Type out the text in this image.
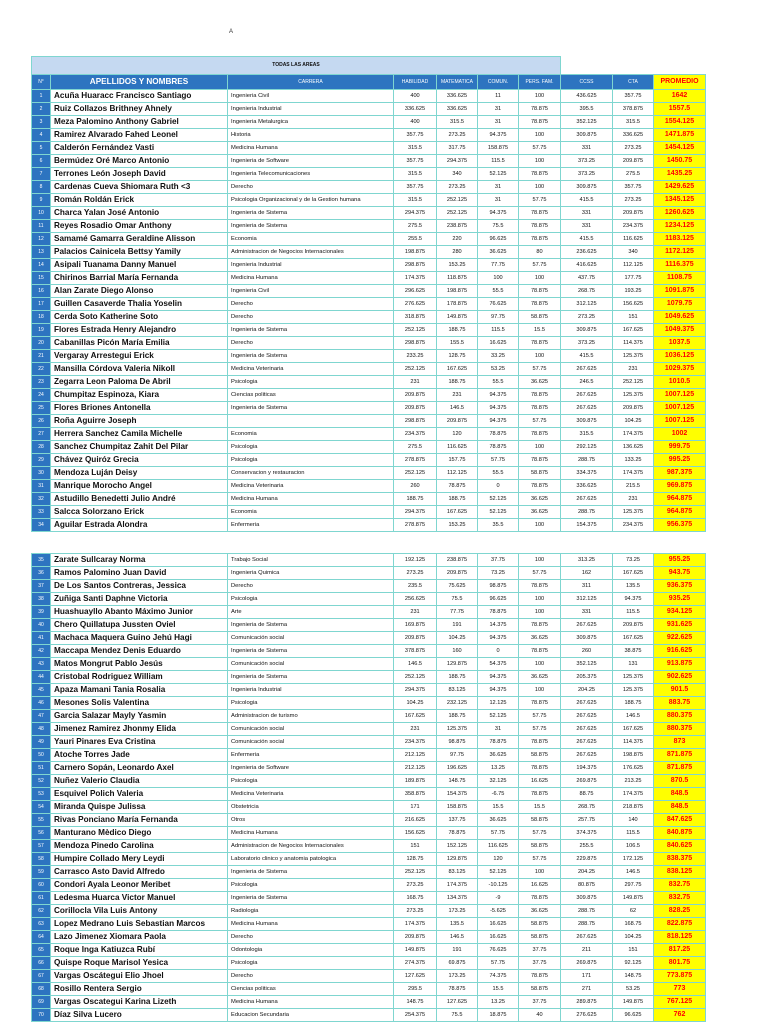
A
TODAS LAS AREAS									
N°	APELLIDOS Y NOMBRES	CARRERA	HABILIDAD	MATEMATICA	COMUN.	PERS. FAM.	CCSS	CTA	PROMEDIO
1	Acuña Huaracc Francisco Santiago	Ingenieria Civil	400	336.625	11	100	436.625	357.75	1642
2	Ruiz Collazos Brithney Ahnely	Ingenieria Industrial	336.625	336.625	31	78.875	395.5	378.875	1557.5
3	Meza Palomino Anthony Gabriel	Ingenieria Metalurgica	400	315.5	31	78.875	352.125	315.5	1554.125
4	Ramirez Alvarado Fahed Leonel	Historia	357.75	273.25	94.375	100	309.875	336.625	1471.875
5	Calderón Fernández Vasti	Medicina Humana	315.5	317.75	158.875	57.75	331	273.25	1454.125
6	Bermúdez Oré Marco Antonio	Ingenieria de Software	357.75	294.375	115.5	100	373.25	209.875	1450.75
7	Terrones León Joseph David	Ingenieria Telecomunicaciones	315.5	340	52.125	78.875	373.25	275.5	1435.25
8	Cardenas Cueva Shiomara Ruth <3	Derecho	357.75	273.25	31	100	309.875	357.75	1429.625
9	Román Roldán Erick	Psicologia Organizacional y de la Gestion humana	315.5	252.125	31	57.75	415.5	273.25	1345.125
10	Charca Yalan José Antonio	Ingenieria de Sistema	294.375	252.125	94.375	78.875	331	209.875	1260.625
11	Reyes Rosadio Omar Anthony	Ingenieria de Sistema	275.5	238.875	75.5	78.875	331	234.375	1234.125
12	Samamé Gamarra Geraldine Alisson	Economia	255.5	220	96.625	78.875	415.5	116.625	1183.125
13	Palacios Cainicela Bettsy Yamily	Administracion de Negocios Internacionales	198.875	280	36.625	80	236.625	340	1172.125
14	Asipali Tuanama Danny Manuel	Ingenieria Industrial	298.875	153.25	77.75	57.75	416.625	112.125	1116.375
15	Chirinos Barrial María Fernanda	Medicina Humana	174.375	118.875	100	100	437.75	177.75	1108.75
16	Alan Zarate Diego Alonso	Ingenieria Civil	296.625	198.875	55.5	78.875	268.75	193.25	1091.875
17	Guillen Casaverde Thalia Yoselin	Derecho	276.625	178.875	76.625	78.875	312.125	156.625	1079.75
18	Cerda Soto Katherine Soto	Derecho	318.875	149.875	97.75	58.875	273.25	151	1049.625
19	Flores Estrada Henry Alejandro	Ingenieria de Sistema	252.125	188.75	115.5	15.5	309.875	167.625	1049.375
20	Cabanillas Picón María Emilia	Derecho	298.875	155.5	16.625	78.875	373.25	114.375	1037.5
21	Vergaray Arrestegui Erick	Ingenieria de Sistema	233.25	128.75	33.25	100	415.5	125.375	1036.125
22	Mansilla Córdova Valeria Nikoll	Medicina Veterinaria	252.125	167.625	53.25	57.75	267.625	231	1029.375
23	Zegarra Leon Paloma De Abril	Psicologia	231	188.75	55.5	36.625	246.5	252.125	1010.5
24	Chumpitaz Espinoza, Kiara	Ciencias politicas	209.875	231	94.375	78.875	267.625	125.375	1007.125
25	Flores Briones Antonella	Ingenieria de Sistema	209.875	146.5	94.375	78.875	267.625	209.875	1007.125
26	Roña Aguirre Joseph		298.875	209.875	94.375	57.75	309.875	104.25	1007.125
27	Herrera Sanchez Camila Michelle	Economia	234.375	120	78.875	78.875	315.5	174.375	1002
28	Sanchez Chumpitaz Zahit Del Pilar	Psicologia	275.5	116.625	78.875	100	292.125	136.625	999.75
29	Chávez Quiróz Grecia	Psicologia	278.875	157.75	57.75	78.875	288.75	133.25	995.25
30	Mendoza Luján Deisy	Conservacion y restauracion	252.125	112.125	55.5	58.875	334.375	174.375	987.375
31	Manrique Morocho Angel	Medicina Veterinaria	260	78.875	0	78.875	336.625	215.5	969.875
32	Astudillo Benedetti Julio André	Medicina Humana	188.75	188.75	52.125	36.625	267.625	231	964.875
33	Salcca Solorzano Erick	Economia	294.375	167.625	52.125	36.625	288.75	125.375	964.875
34	Aguilar Estrada Alondra	Enfermeria	278.875	153.25	35.5	100	154.375	234.375	956.375
35	Zarate Sullcaray Norma	Trabajo Social	192.125	238.875	37.75	100	313.25	73.25	955.25
36	Ramos Palomino Juan David	Ingenieria Quimica	273.25	209.875	73.25	57.75	162	167.625	943.75
37	De Los Santos Contreras, Jessica	Derecho	235.5	75.625	98.875	78.875	311	135.5	936.375
38	Zuñiga Santi Daphne Victoria	Psicologia	256.625	75.5	96.625	100	312.125	94.375	935.25
39	Huashuayllo Abanto Máximo Junior	Arte	231	77.75	78.875	100	331	115.5	934.125
40	Chero Quillatupa Jussten Oviel	Ingenieria de Sistema	169.875	191	14.375	78.875	267.625	209.875	931.625
41	Machaca Maquera Guino Jehú Hagi	Comunicación social	209.875	104.25	94.375	36.625	309.875	167.625	922.625
42	Maccapa Mendez Denis Eduardo	Ingenieria de Sistema	378.875	160	0	78.875	260	38.875	916.625
43	Matos Mongrut Pablo Jesús	Comunicación social	146.5	129.875	54.375	100	352.125	131	913.875
44	Cristobal Rodriguez William	Ingenieria de Sistema	252.125	188.75	94.375	36.625	205.375	125.375	902.625
45	Apaza Mamani Tania Rosalia	Ingenieria Industrial	294.375	83.125	94.375	100	204.25	125.375	901.5
46	Mesones Solis Valentina	Psicologia	104.25	232.125	12.125	78.875	267.625	188.75	883.75
47	Garcia Salazar Mayly Yasmin	Administracion de turismo	167.625	188.75	52.125	57.75	267.625	146.5	880.375
48	Jimenez Ramirez Jhonmy Elida	Comunicación social	231	125.375	31	57.75	267.625	167.625	880.375
49	Yauri Pinares Eva Cristina	Comunicación social	234.375	98.875	78.875	78.875	267.625	114.375	873
50	Atoche Torres Jade	Enfermeria	212.125	97.75	36.625	58.875	267.625	198.875	871.875
51	Carnero Sopán, Leonardo Axel	Ingenieria de Software	212.125	196.625	13.25	78.875	194.375	176.625	871.875
52	Nuñez Valerio Claudia	Psicologia	189.875	148.75	32.125	16.625	269.875	213.25	870.5
53	Esquivel Polich Valeria	Medicina Veterinaria	358.875	154.375	-6.75	78.875	88.75	174.375	848.5
54	Miranda Quispe Julissa	Obstetricia	171	158.875	15.5	15.5	268.75	218.875	848.5
55	Rivas Ponciano María Fernanda	Otros	216.625	137.75	36.625	58.875	257.75	140	847.625
56	Manturano Mèdico Diego	Medicina Humana	156.625	78.875	57.75	57.75	374.375	115.5	840.875
57	Mendoza Pinedo Carolina	Administracion de Negocios Internacionales	151	152.125	116.625	58.875	255.5	106.5	840.625
58	Humpire Collado Mery Leydi	Laboratorio clinico y anatomia patologica	128.75	129.875	120	57.75	229.875	172.125	838.375
59	Carrasco Asto David Alfredo	Ingenieria de Sistema	252.125	83.125	52.125	100	204.25	146.5	838.125
60	Condori Ayala Leonor Meribet	Psicologia	273.25	174.375	-10.125	16.625	80.875	297.75	832.75
61	Ledesma Huarca Victor Manuel	Ingenieria de Sistema	168.75	134.375	-9	78.875	309.875	149.875	832.75
62	Corillocla Vila Luis Antony	Radiologia	273.25	173.25	-5.625	36.625	288.75	62	828.25
63	Lopez Medrano Luis Sebastian Marcos	Medicina Humana	174.375	135.5	16.625	58.875	288.75	168.75	822.875
64	Lazo Jimenez Xiomara Paola	Derecho	209.875	146.5	16.625	58.875	267.625	104.25	818.125
65	Roque Inga Katiuzca Rubí	Odontologia	149.875	191	76.625	37.75	211	151	817.25
66	Quispe Roque Marisol Yesica	Psicologia	274.375	69.875	57.75	37.75	269.875	92.125	801.75
67	Vargas Oscátegui Elio Jhoel	Derecho	127.625	173.25	74.375	78.875	171	148.75	773.875
68	Rosillo Rentera Sergio	Ciencias politicas	295.5	78.875	15.5	58.875	271	53.25	773
69	Vargas Oscategui Karina Lizeth	Medicina Humana	148.75	127.625	13.25	37.75	289.875	149.875	767.125
70	Díaz Silva Lucero	Educacion Secundaria	254.375	75.5	18.875	40	276.625	96.625	762
